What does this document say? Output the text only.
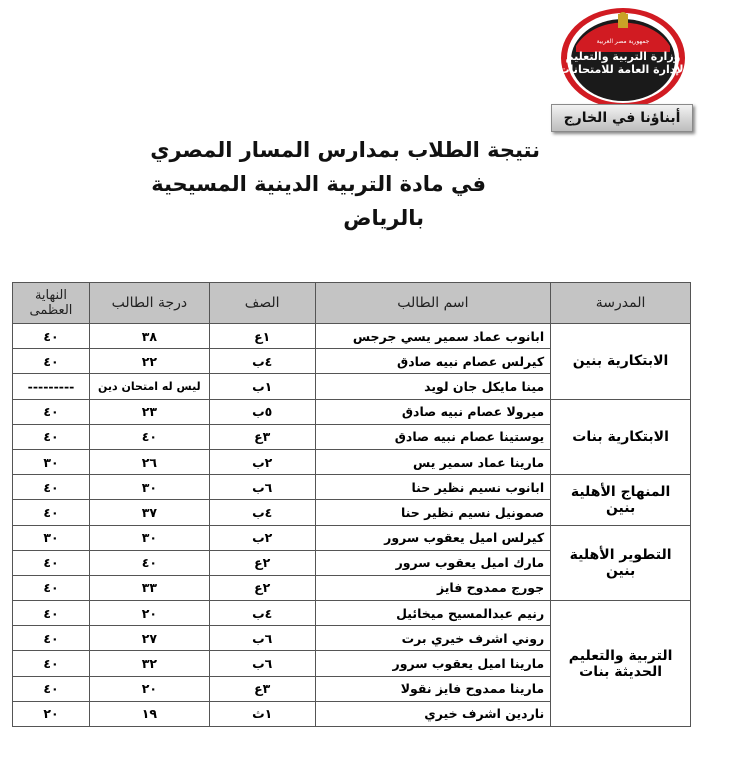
جمهورية مصر العربية
وزارة التربية والتعليم
الإدارة العامة للامتحانات
أبناؤنا في الخارج
نتيجة الطلاب بمدارس المسار المصري
في مادة التربية الدينية المسيحية
بالرياض
المدرسة	اسم الطالب	الصف	درجة الطالب	النهاية العظمى
الابتكارية بنين	ابانوب عماد سمير يسي جرجس	١ع	٣٨	٤٠
	كيرلس عصام نبيه صادق	٤ب	٢٢	٤٠
	مينا مايكل جان لويد	١ب	ليس له امتحان دين	---------
الابتكارية بنات	ميرولا عصام نبيه صادق	٥ب	٢٣	٤٠
	يوستينا عصام نبيه صادق	٣ع	٤٠	٤٠
	مارينا عماد سمير يس	٢ب	٢٦	٣٠
المنهاج الأهلية بنين	ابانوب نسيم نظير حنا	٦ب	٣٠	٤٠
	صمونيل نسيم نظير حنا	٤ب	٣٧	٤٠
التطوير الأهلية بنين	كيرلس اميل يعقوب سرور	٢ب	٣٠	٣٠
	مارك اميل يعقوب سرور	٢ع	٤٠	٤٠
	جورج ممدوح فايز	٢ع	٣٣	٤٠
التربية والتعليم الحديثة بنات	رنيم عبدالمسيح ميخائيل	٤ب	٢٠	٤٠
	روني اشرف خيري برت	٦ب	٢٧	٤٠
	مارينا اميل يعقوب سرور	٦ب	٣٢	٤٠
	مارينا ممدوح فايز نقولا	٣ع	٢٠	٤٠
	ناردين اشرف خيري	١ث	١٩	٢٠
